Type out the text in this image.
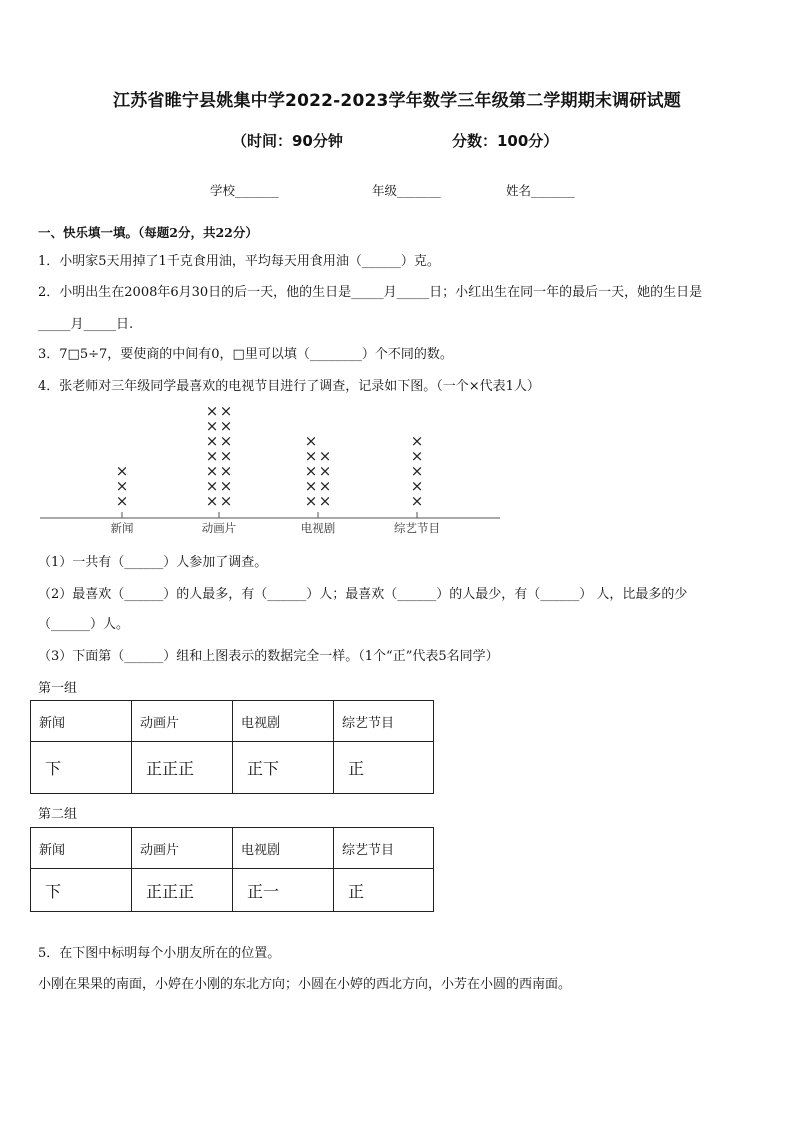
江苏省睢宁县姚集中学2022-2023学年数学三年级第二学期期末调研试题
（时间：90分钟	分数：100分）
学校_______	年级_______	姓名_______
一、快乐填一填。（每题2分，共22分）
1．小明家5天用掉了1千克食用油，平均每天用食用油（______）克。
2．小明出生在2008年6月30日的后一天，他的生日是_____月_____日；小红出生在同一年的最后一天，她的生日是
_____月_____日.
3．7□5÷7，要使商的中间有0，□里可以填（________）个不同的数。
4．张老师对三年级同学最喜欢的电视节目进行了调查，记录如下图。（一个×代表1人）
×
×
×
× ×
× ×
× ×
× ×
× ×
× ×
× ×
× ×
× ×
× ×
× ×
×
×
×
×
×
×
新闻	动画片	电视剧	综艺节目
（1）一共有（______）人参加了调查。
（2）最喜欢（______）的人最多，有（______）人；最喜欢（______）的人最少，有（______） 人，比最多的少
（______）人。
（3）下面第（______）组和上图表示的数据完全一样。（1个“正”代表5名同学）
第一组
新闻	动画片	电视剧	综艺节目
下	正正正	正下	正
第二组
新闻	动画片	电视剧	综艺节目
下	正正正	正一	正
5．在下图中标明每个小朋友所在的位置。
小刚在果果的南面，小婷在小刚的东北方向；小圆在小婷的西北方向，小芳在小圆的西南面。
